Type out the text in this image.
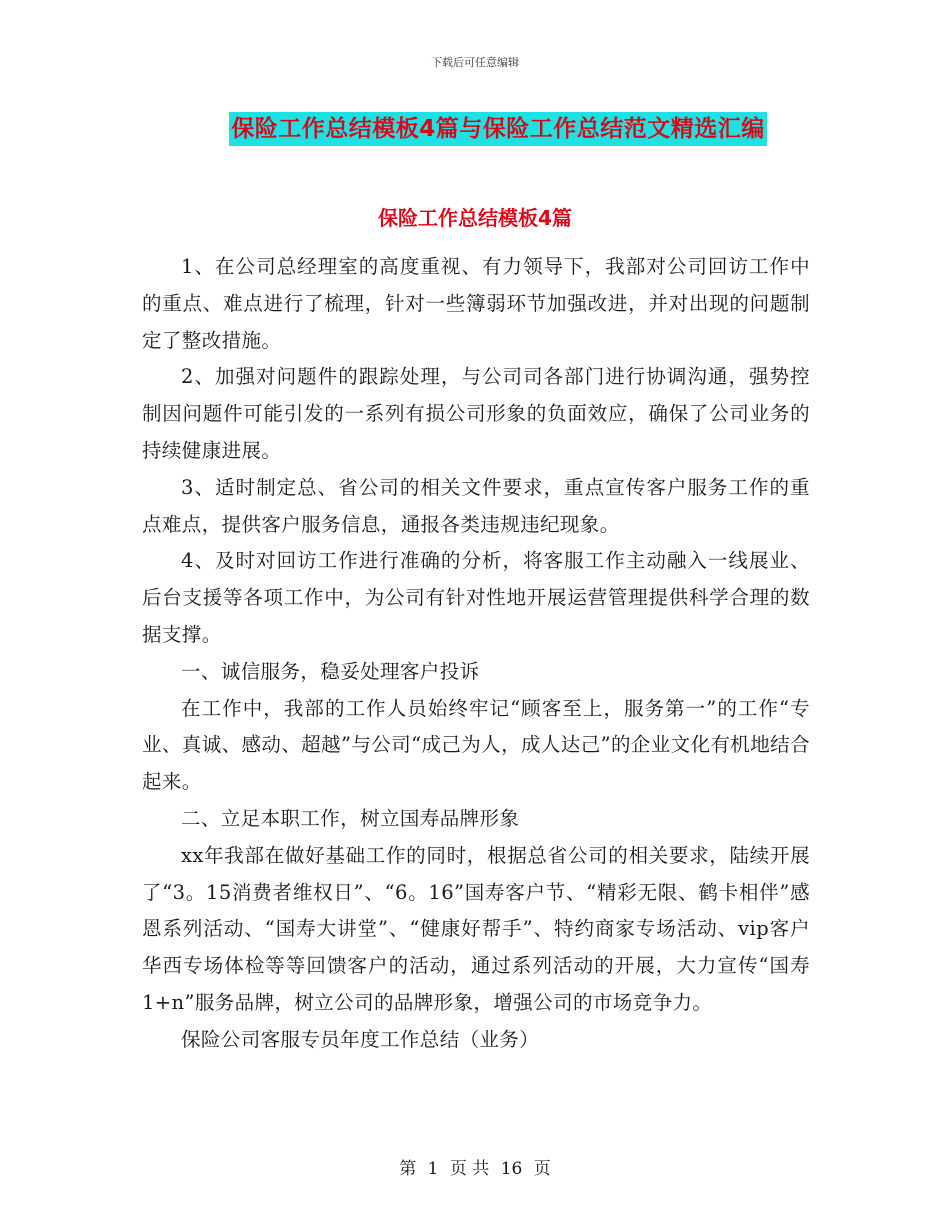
下载后可任意编辑
保险工作总结模板4篇与保险工作总结范文精选汇编
保险工作总结模板4篇

1、在公司总经理室的高度重视、有力领导下，我部对公司回访工作中的重点、难点进行了梳理，针对一些簿弱环节加强改进，并对出现的问题制定了整改措施。

2、加强对问题件的跟踪处理，与公司司各部门进行协调沟通，强势控制因问题件可能引发的一系列有损公司形象的负面效应，确保了公司业务的持续健康进展。

3、适时制定总、省公司的相关文件要求，重点宣传客户服务工作的重点难点，提供客户服务信息，通报各类违规违纪现象。

4、及时对回访工作进行准确的分析，将客服工作主动融入一线展业、后台支援等各项工作中，为公司有针对性地开展运营管理提供科学合理的数据支撑。

一、诚信服务，稳妥处理客户投诉

在工作中，我部的工作人员始终牢记“顾客至上，服务第一”的工作“专业、真诚、感动、超越”与公司“成己为人，成人达己”的企业文化有机地结合起来。

二、立足本职工作，树立国寿品牌形象

xx年我部在做好基础工作的同时，根据总省公司的相关要求，陆续开展了“3。15消费者维权日”、“6。16”国寿客户节、“精彩无限、鹤卡相伴”感恩系列活动、“国寿大讲堂”、“健康好帮手”、特约商家专场活动、vip客户华西专场体检等等回馈客户的活动，通过系列活动的开展，大力宣传“国寿1+n”服务品牌，树立公司的品牌形象，增强公司的市场竞争力。

保险公司客服专员年度工作总结（业务）

第 1 页 共 16 页
